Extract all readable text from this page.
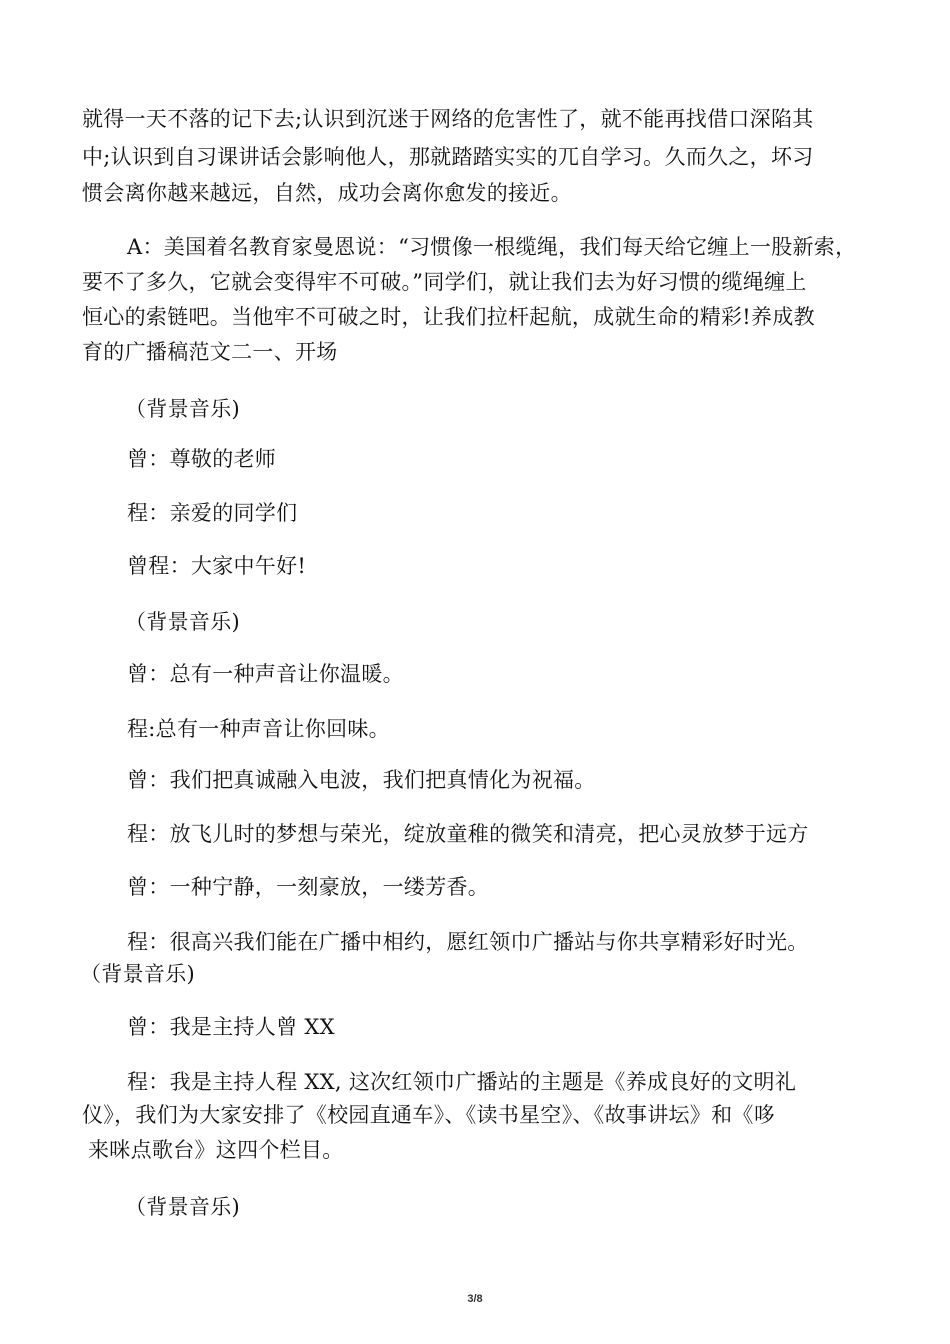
就得一天不落的记下去;认识到沉迷于网络的危害性了，就不能再找借口深陷其
中;认识到自习课讲话会影响他人，那就踏踏实实的兀自学习。久而久之，坏习
惯会离你越来越远，自然，成功会离你愈发的接近。
A：美国着名教育家曼恩说：“习惯像一根缆绳，我们每天给它缠上一股新索，
要不了多久，它就会变得牢不可破。”同学们，就让我们去为好习惯的缆绳缠上
恒心的索链吧。当他牢不可破之时，让我们拉杆起航，成就生命的精彩!养成教
育的广播稿范文二一、开场
（背景音乐)
曾：尊敬的老师
程：亲爱的同学们
曾程：大家中午好!
（背景音乐)
曾：总有一种声音让你温暖。
程:总有一种声音让你回味。
曾：我们把真诚融入电波，我们把真情化为祝福。
程：放飞儿时的梦想与荣光，绽放童稚的微笑和清亮，把心灵放梦于远方
曾：一种宁静，一刻豪放，一缕芳香。
程：很高兴我们能在广播中相约，愿红领巾广播站与你共享精彩好时光。
（背景音乐)
曾：我是主持人曾 XX
程：我是主持人程 XX, 这次红领巾广播站的主题是《养成良好的文明礼
仪》，我们为大家安排了《校园直通车》、《读书星空》、《故事讲坛》和《哆
来咪点歌台》这四个栏目。
（背景音乐)
3/8
